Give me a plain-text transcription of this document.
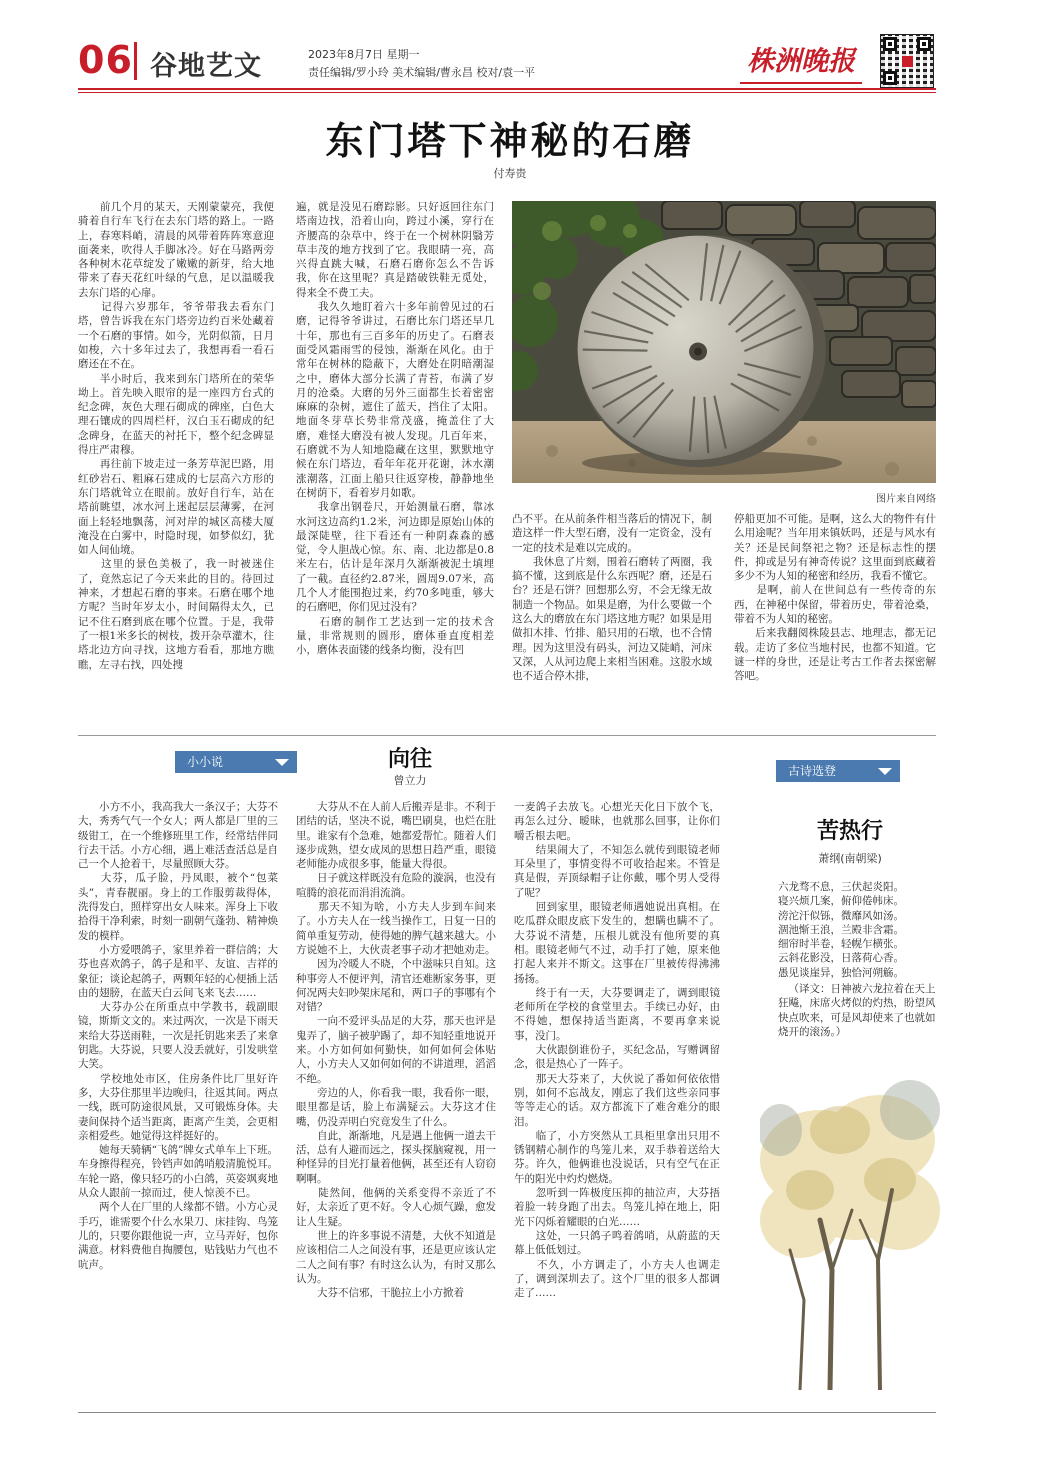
06 谷地艺文	2023年8月7日 星期一
责任编辑/罗小玲 美术编辑/曹永昌 校对/袁一平	株洲晚报
东门塔下神秘的石磨
付寿贵
　　前几个月的某天，天刚蒙蒙亮，我便骑着自行车飞行在去东门塔的路上。一路上，春寒料峭，清晨的风带着阵阵寒意迎面袭来，吹得人手脚冰冷。好在马路两旁各种树木花草绽发了嫩嫩的新芽，给大地带来了春天花红叶绿的气息，足以温暖我去东门塔的心扉。
　　记得六岁那年，爷爷带我去看东门塔，曾告诉我在东门塔旁边约百米处藏着一个石磨的事情。如今，光阴似箭，日月如梭，六十多年过去了，我想再看一看石磨还在不在。
　　半小时后，我来到东门塔所在的荣华坳上。首先映入眼帘的是一座四方台式的纪念碑，灰色大理石砌成的碑座，白色大理石镶成的四周栏杆，汉白玉石砌成的纪念碑身，在蓝天的衬托下，整个纪念碑显得庄严肃穆。
　　再往前下坡走过一条芳草泥巴路，用红砂岩石、粗麻石建成的七层高六方形的东门塔就耸立在眼前。放好自行车，站在塔前眺望，冰水河上迷起层层薄雾，在河面上轻轻地飘荡，河对岸的城区高楼大厦淹没在白雾中，时隐时现，如梦似幻，犹如人间仙境。
　　这里的景色美极了，我一时被迷住了，竟然忘记了今天来此的目的。待回过神来，才想起石磨的事来。石磨在哪个地方呢？当时年岁太小，时间隔得太久，已记不住石磨到底在哪个位置。于是，我带了一根1米多长的树枝，拨开杂草灌木，往塔北边方向寻找，这地方看看，那地方瞧瞧，左寻右找，四处搜
遍，就是没见石磨踪影。只好返回往东门塔南边找，沿着山向，跨过小溪，穿行在齐腰高的杂草中，终于在一个树林阴翳芳草丰茂的地方找到了它。我眼睛一亮，高兴得直跳大喊，石磨石磨你怎么不告诉我，你在这里呢？真是踏破铁鞋无觅处，得来全不费工夫。
　　我久久地盯着六十多年前曾见过的石磨，记得爷爷讲过，石磨比东门塔还早几十年，那也有三百多年的历史了。石磨表面受风霜雨雪的侵蚀，渐渐在风化。由于常年在树林的隐蔽下，大磨处在阴暗潮湿之中，磨体大部分长满了青苔，布满了岁月的沧桑。大磨的另外三面都生长着密密麻麻的杂树，遮住了蓝天，挡住了太阳。地面冬芽草长势非常茂盛，掩盖住了大磨，难怪大磨没有被人发现。几百年来，石磨就不为人知地隐藏在这里，默默地守候在东门塔边，看年年花开花谢，沐水潮涨潮落，江面上船只往返穿梭，静静地坐在树荫下，看着岁月如歌。
　　我拿出钢卷尺，开始测量石磨，靠冰水河这边高约1.2米，河边即是原始山体的最深陡壁，往下看还有一种阴森森的感觉，令人胆战心惊。东、南、北边都是0.8米左右，估计是年深月久渐渐被泥土填埋了一截。直径约2.87米，圆周9.07米，高几个人才能围抱过来，约70多吨重，够大的石磨吧，你们见过没有？
　　石磨的制作工艺达到一定的技术含量，非常规则的圆形，磨体垂直度相差小，磨体表面镂的线条均衡，没有凹
图片来自网络
凸不平。在从前条件相当落后的情况下，制造这样一件大型石磨，没有一定资金，没有一定的技术是难以完成的。
　　我休息了片刻，围着石磨转了两圈，我搞不懂，这到底是什么东西呢？磨，还是石台？还是石饼？回想那么穷，不会无缘无故制造一个物品。如果是磨，为什么要做一个这么大的磨放在东门塔这地方呢？如果是用做扣木排、竹排、船只用的石墩，也不合情理。因为这里没有码头，河边又陡峭，河床又深，人从河边爬上来相当困难。这股水域也不适合停木排，
停船更加不可能。是啊，这么大的物件有什么用途呢？当年用来镇妖吗，还是与风水有关？还是民间祭祀之物？还是标志性的摆件，抑或是另有神奇传说？这里面到底藏着多少不为人知的秘密和经历，我看不懂它。
　　是啊，前人在世间总有一些传奇的东西，在神秘中保留，带着历史，带着沧桑，带着不为人知的秘密。
　　后来我翻阅株陵县志、地理志，都无记载。走访了多位当地村民，也都不知道。它谜一样的身世，还是让考古工作者去探密解答吧。
小小说	向往
曾立力
　　小方不小，我高我大一条汉子；大芬不大，秀秀气气一个女人；两人都是厂里的三级钳工，在一个维修班里工作，经常结伴同行去干活。小方心细，遇上难活查活总是自己一个人抢着干，尽量照顾大芬。
　　大芬，瓜子脸，丹凤眼，被个“包菜头”，青春靓丽。身上的工作服剪裁得体，洗得发白，照样穿出女人味来。浑身上下收拾得干净利索，时刻一副朝气蓬勃、精神焕发的模样。
　　小方爱喂鸽子，家里养着一群信鸽；大芬也喜欢鸽子，鸽子是和平、友谊、吉祥的象征；谈论起鸽子，两颗年轻的心便插上活由的翅膀，在蓝天白云间飞来飞去……
　　大芬办公在所重点中学教书，载副眼镜，斯斯文文的。来过两次，一次是下雨天来给大芬送雨鞋，一次是托钥匙来丢了来拿钥匙。大芬说，只要人没丢就好，引发哄堂大笑。
　　学校地处市区，住房条件比厂里好许多，大芬住那里半边晚归，往返其间。两点一线，既可防途很风景，又可锻炼身体。夫妻间保持个适当距离，距离产生美，会更相亲相爱些。她觉得这样挺好的。
　　她每天骑辆“飞鸽”牌女式单车上下班。车身擦得程亮，铃铛声如鸽哨般清脆悦耳。车轮一路，像只轻巧的小白鸽，英姿飒爽地从众人跟前一掠而过，使人惊羡不已。
　　两个人在厂里的人缘都不错。小方心灵手巧，谁需要个什么水果刀、床挂钩、鸟笼儿的，只要你跟他说一声，立马弄好，包你满意。材料费他自掏腰包，贴钱贴力气也不吭声。
　　大芬从不在人前人后搬弄是非。不利于团结的话，坚决不说，嘴巴刷臭，也烂在肚里。谁家有个急难，她都爱帮忙。随着人们逐步成熟，望女成凤的思想日趋严重，眼镜老师能办成很多事，能量大得很。
　　日子就这样既没有危险的漩涡，也没有喧腾的浪花而涓涓流淌。
　　那天不知为啥，小方夫人步到车间来了。小方夫人在一线当操作工，日复一日的简单重复劳动，使得她的脾气越来越大。小方说她不上，大伙责老事子动才把她劝走。
　　因为冷暖人不晓，个中滋味只自知。这种事旁人不便评判，清官还难断家务事，更何况两夫妇吵架床尾和，两口子的事哪有个对错？
　　一向不爱评头品足的大芬，那天也评是鬼弄了，脑子被驴踢了，却不知轻重地说开来。小方如何如何勤快，如何如何会体贴人，小方夫人又如何如何的不讲道理，滔滔不绝。
　　旁边的人，你看我一眼，我看你一眼，眼里都是话，脸上布满疑云。大芬这才住嘴，仍没弄明白究竟发生了什么。
　　自此，渐渐地，凡是遇上他俩一道去干活，总有人避而远之，探头探脑窥视，用一种怪异的目光打量着他俩，甚至还有人窃窃啊啊。
　　陡然间，他俩的关系变得不亲近了不好，太亲近了更不好。令人心烦气躁，愈发让人生疑。
　　世上的许多事说不清楚，大伙不知道是应该相信二人之间没有事，还是更应该认定二人之间有事？有时这么认为，有时又那么认为。
　　大芬不信邪，干脆拉上小方掀着
一麦鸽子去放飞。心想光天化日下放个飞，再怎么过分、暧昧，也就那么回事，让你们嚼舌根去吧。
　　结果闹大了，不知怎么就传到眼镜老师耳朵里了，事情变得不可收拾起来。不管是真是假，弄顶绿帽子让你戴，哪个男人受得了呢？
　　回到家里，眼镜老师遇她说出真相。在吃瓜群众眼皮底下发生的，想瞒也瞒不了。大芬说不清楚，压根儿就没有他所要的真相。眼镜老师气不过，动手打了她，原来他打起人来并不斯文。这事在厂里被传得沸沸扬扬。
　　终于有一天，大芬要调走了，调到眼镜老师所在学校的食堂里去。手续已办好，由不得她，想保持适当距离，不要再拿来说事，没门。
　　大伙跟倒谁份子，买纪念品，写赠调留念，很是热心了一阵子。
　　那天大芬来了，大伙说了番如何依依惜别，如何不忘战友，刚忘了我们这些亲同事等等走心的话。双方都流下了难舍难分的眼泪。
　　临了，小方突然从工具柜里拿出只用不锈钢精心制作的鸟笼儿来，双手恭着送给大芬。许久，他俩谁也没说话，只有空气在正午的阳光中灼灼燃烧。
　　忽听到一阵极度压抑的抽泣声，大芬捂着脸一转身跑了出去。鸟笼儿掉在地上，阳光下闪烁着耀眼的白光……
　　这处，一只鸽子鸣着鸽哨，从蔚蓝的天幕上低低划过。
　　不久，小方调走了，小方夫人也调走了，调到深圳去了。这个厂里的很多人都调走了……
古诗选登
苦热行
萧纲(南朝梁)
六龙骛不息，三伏起炎阳。
寝兴烦几案，俯仰倦帏床。
滂沱汗似铄，微靡风如汤。
涸池惭王浪，兰殿非含霜。
细帘时半卷，轻幌乍横张。
云斜花影没，日落荷心香。
愚见谈崖异，独恰河朔觞。
（译文：日神被六龙拉着在天上狂飚，床席火烤似的灼热，盼望风快点吹来，可是风却使来了也就如烧开的滚汤。）
